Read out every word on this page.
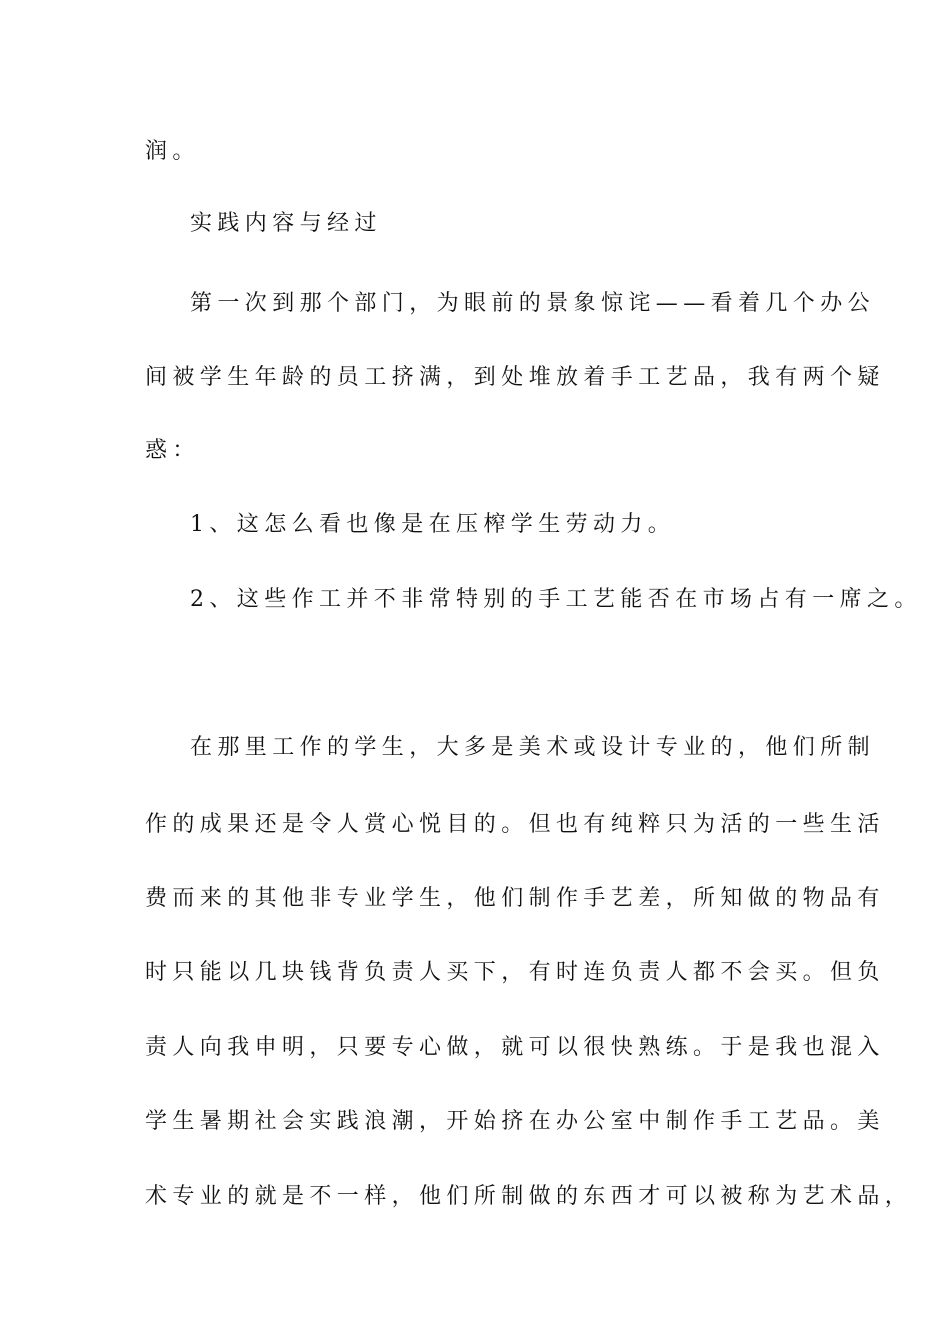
润。
实践内容与经过
第一次到那个部门，为眼前的景象惊诧——看着几个办公
间被学生年龄的员工挤满，到处堆放着手工艺品，我有两个疑
惑：
1、这怎么看也像是在压榨学生劳动力。
2、这些作工并不非常特别的手工艺能否在市场占有一席之。
在那里工作的学生，大多是美术或设计专业的，他们所制
作的成果还是令人赏心悦目的。但也有纯粹只为活的一些生活
费而来的其他非专业学生，他们制作手艺差，所知做的物品有
时只能以几块钱背负责人买下，有时连负责人都不会买。但负
责人向我申明，只要专心做，就可以很快熟练。于是我也混入
学生暑期社会实践浪潮，开始挤在办公室中制作手工艺品。美
术专业的就是不一样，他们所制做的东西才可以被称为艺术品，
